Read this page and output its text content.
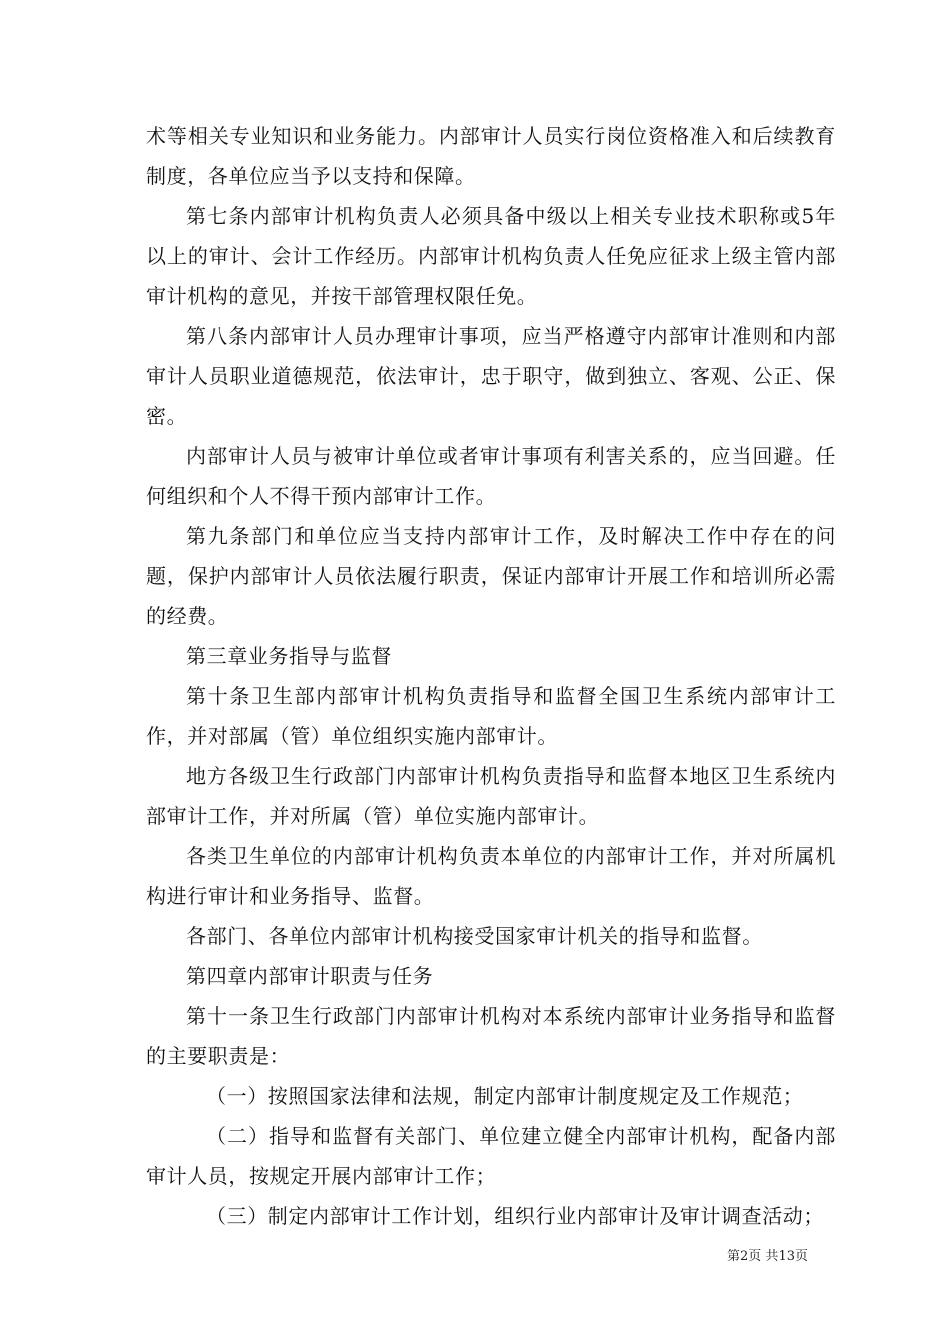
术等相关专业知识和业务能力。内部审计人员实行岗位资格准入和后续教育制度，各单位应当予以支持和保障。

第七条内部审计机构负责人必须具备中级以上相关专业技术职称或5年以上的审计、会计工作经历。内部审计机构负责人任免应征求上级主管内部审计机构的意见，并按干部管理权限任免。

第八条内部审计人员办理审计事项，应当严格遵守内部审计准则和内部审计人员职业道德规范，依法审计，忠于职守，做到独立、客观、公正、保密。

内部审计人员与被审计单位或者审计事项有利害关系的，应当回避。任何组织和个人不得干预内部审计工作。

第九条部门和单位应当支持内部审计工作，及时解决工作中存在的问题，保护内部审计人员依法履行职责，保证内部审计开展工作和培训所必需的经费。

第三章业务指导与监督

第十条卫生部内部审计机构负责指导和监督全国卫生系统内部审计工作，并对部属（管）单位组织实施内部审计。

地方各级卫生行政部门内部审计机构负责指导和监督本地区卫生系统内部审计工作，并对所属（管）单位实施内部审计。

各类卫生单位的内部审计机构负责本单位的内部审计工作，并对所属机构进行审计和业务指导、监督。

各部门、各单位内部审计机构接受国家审计机关的指导和监督。

第四章内部审计职责与任务

第十一条卫生行政部门内部审计机构对本系统内部审计业务指导和监督的主要职责是：

（一）按照国家法律和法规，制定内部审计制度规定及工作规范；

（二）指导和监督有关部门、单位建立健全内部审计机构，配备内部审计人员，按规定开展内部审计工作；

（三）制定内部审计工作计划，组织行业内部审计及审计调查活动；

第2页 共13页
